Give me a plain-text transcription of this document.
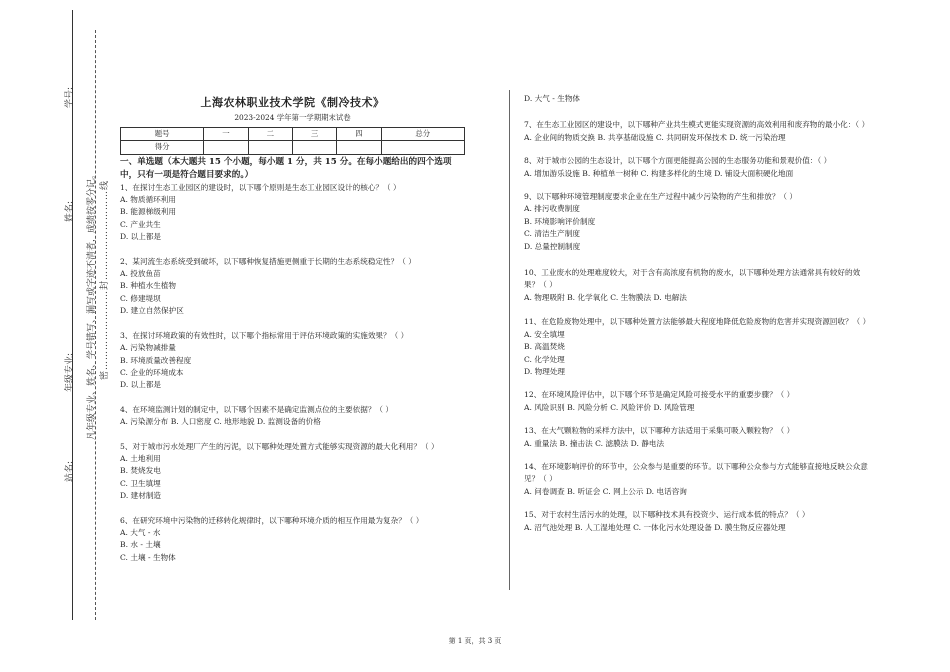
学号:
姓名:
年级专业:
站名:
凡年级专业、姓名、学号错写、漏写或字迹不清者，成绩按零分记。 密……………………封………………………线
上海农林职业技术学院《制冷技术》
2023-2024 学年第一学期期末试卷
题号	一	二	三	四	总分
得分					
一、单选题（本大题共 15 个小题，每小题 1 分，共 15 分。在每小题给出的四个选项中，只有一项是符合题目要求的。）
1、在探讨生态工业园区的建设时，以下哪个原则是生态工业园区设计的核心？（ ）
A. 物质循环利用
B. 能源梯级利用
C. 产业共生
D. 以上都是
2、某河流生态系统受到破坏，以下哪种恢复措施更侧重于长期的生态系统稳定性？（ ）
A. 投放鱼苗
B. 种植水生植物
C. 修建堤坝
D. 建立自然保护区
3、在探讨环境政策的有效性时，以下哪个指标常用于评估环境政策的实施效果？（ ）
A. 污染物减排量
B. 环境质量改善程度
C. 企业的环境成本
D. 以上都是
4、在环境监测计划的制定中，以下哪个因素不是确定监测点位的主要依据？（ ）
A. 污染源分布 B. 人口密度 C. 地形地貌 D. 监测设备的价格
5、对于城市污水处理厂产生的污泥，以下哪种处理处置方式能够实现资源的最大化利用？（ ）
A. 土地利用
B. 焚烧发电
C. 卫生填埋
D. 建材制造
6、在研究环境中污染物的迁移转化规律时，以下哪种环境介质的相互作用最为复杂？（ ）
A. 大气 - 水
B. 水 - 土壤
C. 土壤 - 生物体
D. 大气 - 生物体
7、在生态工业园区的建设中，以下哪种产业共生模式更能实现资源的高效利用和废弃物的最小化：（ ）
A. 企业间的物质交换 B. 共享基础设施 C. 共同研发环保技术 D. 统一污染治理
8、对于城市公园的生态设计，以下哪个方面更能提高公园的生态服务功能和景观价值：（ ）
A. 增加游乐设施 B. 种植单一树种 C. 构建多样化的生境 D. 铺设大面积硬化地面
9、以下哪种环境管理制度要求企业在生产过程中减少污染物的产生和排放？（ ）
A. 排污收费制度
B. 环境影响评价制度
C. 清洁生产制度
D. 总量控制制度
10、工业废水的处理难度较大，对于含有高浓度有机物的废水，以下哪种处理方法通常具有较好的效果？（ ）
A. 物理吸附 B. 化学氧化 C. 生物膜法 D. 电解法
11、在危险废物处理中，以下哪种处置方法能够最大程度地降低危险废物的危害并实现资源回收？（ ）
A. 安全填埋
B. 高温焚烧
C. 化学处理
D. 物理处理
12、在环境风险评估中，以下哪个环节是确定风险可接受水平的重要步骤？（ ）
A. 风险识别 B. 风险分析 C. 风险评价 D. 风险管理
13、在大气颗粒物的采样方法中，以下哪种方法适用于采集可吸入颗粒物？（ ）
A. 重量法 B. 撞击法 C. 滤膜法 D. 静电法
14、在环境影响评价的环节中，公众参与是重要的环节。以下哪种公众参与方式能够直接地反映公众意见？（ ）
A. 问卷调查 B. 听证会 C. 网上公示 D. 电话咨询
15、对于农村生活污水的处理，以下哪种技术具有投资少、运行成本低的特点？（ ）
A. 沼气池处理 B. 人工湿地处理 C. 一体化污水处理设备 D. 膜生物反应器处理
第 1 页，共 3 页
